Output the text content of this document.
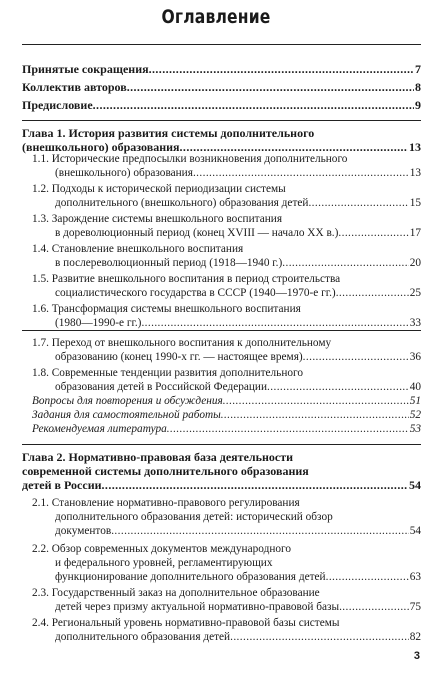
Оглавление
Принятые сокращения .....	7
Коллектив авторов .....	8
Предисловие .....	9
Глава 1. История развития системы дополнительного
(внешкольного) образования .....	13
1.1. Исторические предпосылки возникновения дополнительного
(внешкольного) образования .....	13
1.2. Подходы к исторической периодизации системы
дополнительного (внешкольного) образования детей .....	15
1.3. Зарождение системы внешкольного воспитания
в дореволюционный период (конец XVIII — начало XX в.) .....	17
1.4. Становление внешкольного воспитания
в послереволюционный период (1918—1940 г.) .....	20
1.5. Развитие внешкольного воспитания в период строительства
социалистического государства в СССР (1940—1970-е гг.) .....	25
1.6. Трансформация системы внешкольного воспитания
(1980—1990-е гг.) .....	33
1.7. Переход от внешкольного воспитания к дополнительному
образованию (конец 1990-х гг. — настоящее время) .....	36
1.8. Современные тенденции развития дополнительного
образования детей в Российской Федерации .....	40
Вопросы для повторения и обсуждения .....	51
Задания для самостоятельной работы .....	52
Рекомендуемая литература .....	53
Глава 2. Нормативно-правовая база деятельности
современной системы дополнительного образования
детей в России .....	54
2.1. Становление нормативно-правового регулирования
дополнительного образования детей: исторический обзор
документов .....	54
2.2. Обзор современных документов международного
и федерального уровней, регламентирующих
функционирование дополнительного образования детей .....	63
2.3. Государственный заказ на дополнительное образование
детей через призму актуальной нормативно-правовой базы .....	75
2.4. Региональный уровень нормативно-правовой базы системы
дополнительного образования детей .....	82
3
